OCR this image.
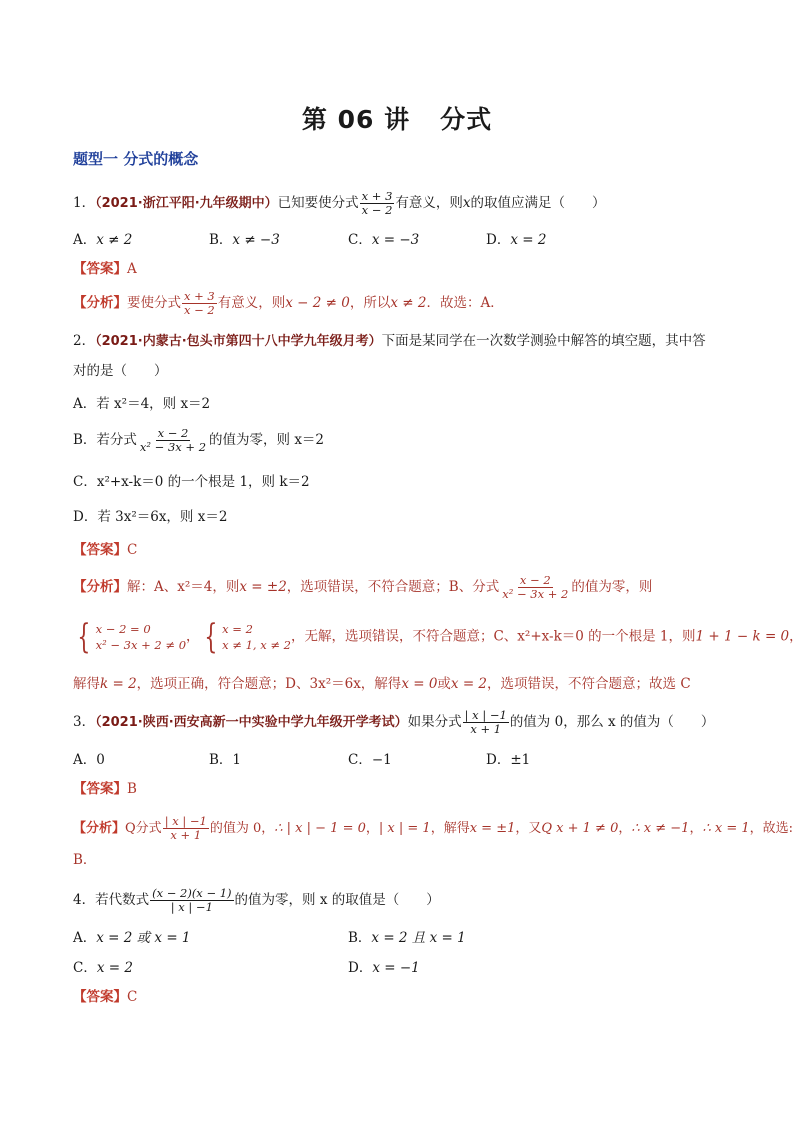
第 06 讲 分式
题型一 分式的概念
1．（2021·浙江平阳·九年级期中）已知要使分式 $\frac{x + 3}{x - 2}$ 有意义，则x的取值应满足（　　）
A．x ≠ 2	B．x ≠ −3	C．x = −3	D．x = 2
【答案】A
【分析】要使分式 $\frac{x + 3}{x - 2}$ 有意义，则x − 2 ≠ 0，所以x ≠ 2．故选：A．
2．（2021·内蒙古·包头市第四十八中学九年级月考）下面是某同学在一次数学测验中解答的填空题，其中答
对的是（　　）
A．若 x²＝4，则 x＝2
B．若分式 $\frac{x - 2}{\text{x² − 3x + 2}}$ 的值为零，则 x＝2
C．x²+x-k＝0 的一个根是 1，则 k＝2
D．若 3x²＝6x，则 x＝2
【答案】C
【分析】解：A、x²＝4，则x = ±2，选项错误，不符合题意；B、分式 $\frac{x - 2}{\text{x² − 3x + 2}}$ 的值为零，则
{ x − 2 = 0
x² − 3x + 2 ≠ 0
， { x = 2
x ≠ 1, x ≠ 2
，无解，选项错误，不符合题意；C、x²+x-k＝0 的一个根是 1，则1 + 1 − k = 0，
解得k = 2，选项正确，符合题意；D、3x²＝6x，解得x = 0或x = 2，选项错误，不符合题意；故选 C
3．（2021·陕西·西安高新一中实验中学九年级开学考试）如果分式 $\frac{| x | -1}{x + 1}$ 的值为 0，那么 x 的值为（　　）
A．0	B．1	C．−1	D．±1
【答案】B
【分析】Q分式 $\frac{| x | -1}{x + 1}$ 的值为 0，∴ | x | − 1 = 0，| x | = 1，解得x = ±1，又Q x + 1 ≠ 0，∴ x ≠ −1，∴ x = 1，故选:
B．
4．若代数式 $\frac{(x - 2)(x - 1)}{| x | -1}$ 的值为零，则 x 的取值是（　　）
A．x = 2 或 x = 1	B．x = 2 且 x = 1
C．x = 2	D．x = −1
【答案】C
